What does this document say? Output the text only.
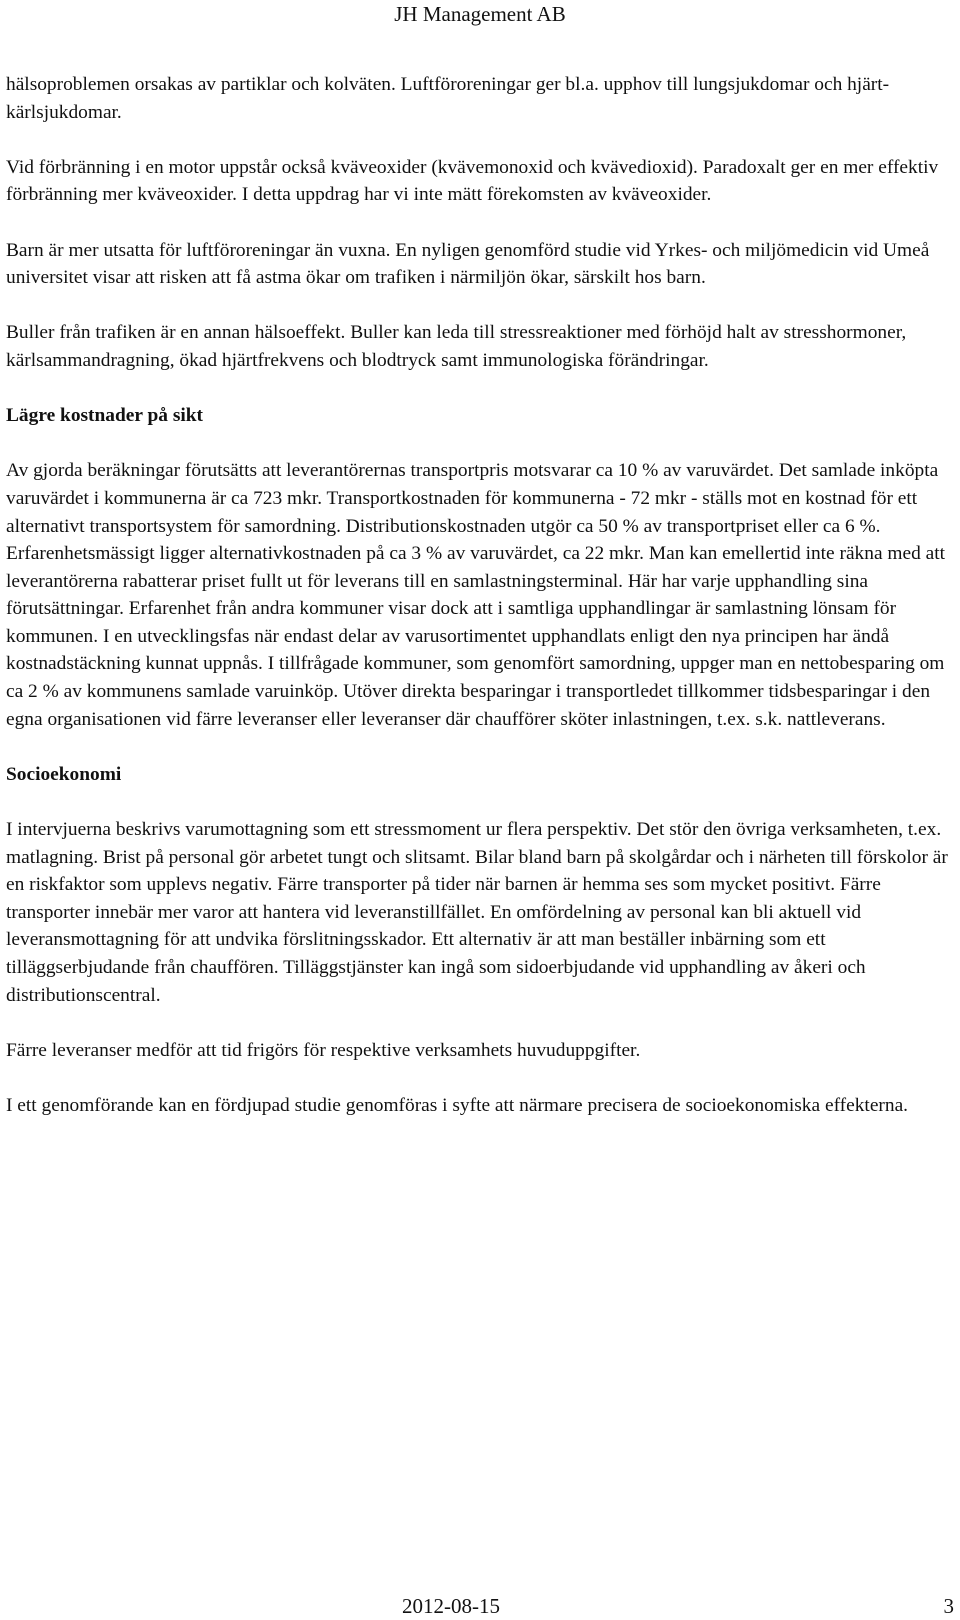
JH Management AB

hälsoproblemen orsakas av partiklar och kolväten. Luftföroreningar ger bl.a. upphov till lungsjukdomar och hjärt-kärlsjukdomar.

Vid förbränning i en motor uppstår också kväveoxider (kvävemonoxid och kvävedioxid). Paradoxalt ger en mer effektiv förbränning mer kväveoxider. I detta uppdrag har vi inte mätt förekomsten av kväveoxider.

Barn är mer utsatta för luftföroreningar än vuxna. En nyligen genomförd studie vid Yrkes- och miljömedicin vid Umeå universitet visar att risken att få astma ökar om trafiken i närmiljön ökar, särskilt hos barn.

Buller från trafiken är en annan hälsoeffekt. Buller kan leda till stressreaktioner med förhöjd halt av stresshormoner, kärlsammandragning, ökad hjärtfrekvens och blodtryck samt immunologiska förändringar.

Lägre kostnader på sikt

Av gjorda beräkningar förutsätts att leverantörernas transportpris motsvarar ca 10 % av varuvärdet. Det samlade inköpta varuvärdet i kommunerna är ca 723 mkr. Transportkostnaden för kommunerna - 72 mkr - ställs mot en kostnad för ett alternativt transportsystem för samordning. Distributionskostnaden utgör ca 50 % av transportpriset eller ca 6 %. Erfarenhetsmässigt ligger alternativkostnaden på ca 3 % av varuvärdet, ca 22 mkr. Man kan emellertid inte räkna med att leverantörerna rabatterar priset fullt ut för leverans till en samlastningsterminal. Här har varje upphandling sina förutsättningar. Erfarenhet från andra kommuner visar dock att i samtliga upphandlingar är samlastning lönsam för kommunen. I en utvecklingsfas när endast delar av varusortimentet upphandlats enligt den nya principen har ändå kostnadstäckning kunnat uppnås. I tillfrågade kommuner, som genomfört samordning, uppger man en nettobesparing om ca 2 % av kommunens samlade varuinköp. Utöver direkta besparingar i transportledet tillkommer tidsbesparingar i den egna organisationen vid färre leveranser eller leveranser där chaufförer sköter inlastningen, t.ex. s.k. nattleverans.

Socioekonomi

I intervjuerna beskrivs varumottagning som ett stressmoment ur flera perspektiv. Det stör den övriga verksamheten, t.ex. matlagning. Brist på personal gör arbetet tungt och slitsamt. Bilar bland barn på skolgårdar och i närheten till förskolor är en riskfaktor som upplevs negativ. Färre transporter på tider när barnen är hemma ses som mycket positivt. Färre transporter innebär mer varor att hantera vid leveranstillfället. En omfördelning av personal kan bli aktuell vid leveransmottagning för att undvika förslitningsskador. Ett alternativ är att man beställer inbärning som ett tilläggserbjudande från chauffören. Tilläggstjänster kan ingå som sidoerbjudande vid upphandling av åkeri och distributionscentral.

Färre leveranser medför att tid frigörs för respektive verksamhets huvuduppgifter.

I ett genomförande kan en fördjupad studie genomföras i syfte att närmare precisera de socioekonomiska effekterna.

2012-08-15	3
